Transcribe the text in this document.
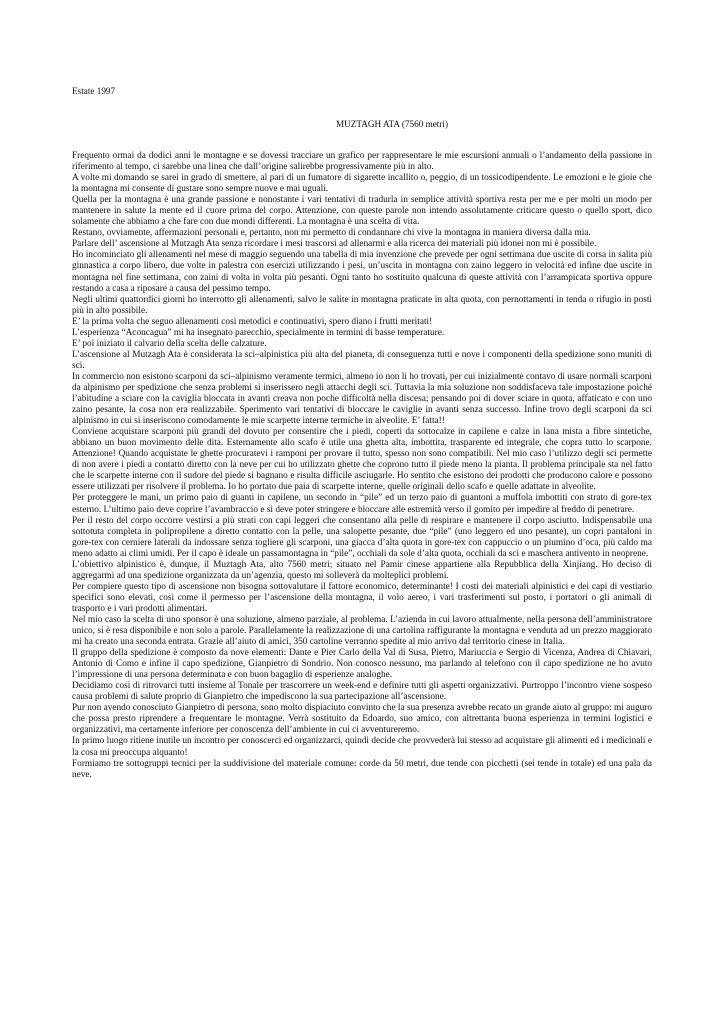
Estate 1997
MUZTAGH ATA (7560 metri)

Frequento ormai da dodici anni le montagne e se dovessi tracciare un grafico per rappresentare le mie escursioni annuali o l’andamento della passione in riferimento al tempo, ci sarebbe una linea che dall’origine salirebbe progressivamente più in alto.

A volte mi domando se sarei in grado di smettere, al pari di un fumatore di sigarette incallito o, peggio, di un tossicodipendente. Le emozioni e le gioie che la montagna mi consente di gustare sono sempre nuove e mai uguali.

Quella per la montagna è una grande passione e nonostante i vari tentativi di tradurla in semplice attività sportiva resta per me e per molti un modo per mantenere in salute la mente ed il cuore prima del corpo. Attenzione, con queste parole non intendo assolutamente criticare questo o quello sport, dico solamente che abbiamo a che fare con due mondi differenti. La montagna è una scelta di vita.

Restano, ovviamente, affermazioni personali e, pertanto, non mi permetto di condannare chi vive la montagna in maniera diversa dalla mia.

Parlare dell’ ascensione al Mutzagh Ata senza ricordare i mesi trascorsi ad allenarmi e alla ricerca dei materiali più idonei non mi è possibile.

Ho incominciato gli allenamenti nel mese di maggio seguendo una tabella di mia invenzione che prevede per ogni settimana due uscite di corsa in salita più ginnastica a corpo libero, due volte in palestra con esercizi utilizzando i pesi, un’uscita in montagna con zaino leggero in velocità ed infine due uscite in montagna nel fine settimana, con zaini di volta in volta più pesanti. Ogni tanto ho sostituito qualcuna di queste attività con l’arrampicata sportiva oppure restando a casa a riposare a causa del pessimo tempo.

Negli ultimi quattordici giorni ho interrotto gli allenamenti, salvo le salite in montagna praticate in alta quota, con pernottamenti in tenda o rifugio in posti più in alto possibile.

E’ la prima volta che seguo allenamenti così metodici e continuativi, spero diano i frutti meritati!

L’esperienza “Aconcagua” mi ha insegnato parecchio, specialmente in termini di basse temperature.

E’ poi iniziato il calvario della scelta delle calzature.

L’ascensione al Mutzagh Ata è considerata la sci–alpinistica più alta del pianeta, di conseguenza tutti e nove i componenti della spedizione sono muniti di sci.

In commercio non esistono scarponi da sci–alpinismo veramente termici, almeno io non li ho trovati, per cui inizialmente contavo di usare normali scarponi da alpinismo per spedizione che senza problemi si inserissero negli attacchi degli sci. Tuttavia la mia soluzione non soddisfaceva tale impostazione poiché l’abitudine a sciare con la caviglia bloccata in avanti creava non poche difficoltà nella discesa; pensando poi di dover sciare in quota, affaticato e con uno zaino pesante, la cosa non era realizzabile. Sperimento vari tentativi di bloccare le caviglie in avanti senza successo. Infine trovo degli scarponi da sci alpinismo in cui si inseriscono comodamente le mie scarpette interne termiche in alveolite. E’ fatta!!

Conviene acquistare scarponi più grandi del dovuto per consentire che i piedi, coperti da sottocalze in capilene e calze in lana mista a fibre sintetiche, abbiano un buon movimento delle dita. Esternamente allo scafo è utile una ghetta alta, imbottita, trasparente ed integrale, che copra tutto lo scarpone. Attenzione! Quando acquistate le ghette procuratevi i ramponi per provare il tutto, spesso non sono compatibili. Nel mio caso l’utilizzo degli sci permette di non avere i piedi a contatto diretto con la neve per cui ho utilizzato ghette che coprono tutto il piede meno la pianta. Il problema principale sta nel fatto che le scarpette interne con il sudore del piede si bagnano e risulta difficile asciugarle. Ho sentito che esistono dei prodotti che producono calore e possono essere utilizzati per risolvere il problema. Io ho portato due paia di scarpette interne, quelle originali dello scafo e quelle adattate in alveolite.

Per proteggere le mani, un primo paio di guanti in capilene, un secondo in “pile” ed un terzo paio di guantoni a muffola imbottiti con strato di gore-tex esterno. L’ultimo paio deve coprire l’avambraccio e si deve poter stringere e bloccare alle estremità verso il gomito per impedire al freddo di penetrare.

Per il resto del corpo occorre vestirsi a più strati con capi leggeri che consentano alla pelle di respirare e mantenere il corpo asciutto. Indispensabile una sottotuta completa in polipropilene a diretto contatto con la pelle, una salopette pesante, due “pile” (uno leggero ed uno pesante), un copri pantaloni in gore-tex con cerniere laterali da indossare senza togliere gli scarponi, una giacca d’alta quota in gore-tex con cappuccio o un piumino d’oca, più caldo ma meno adatto ai climi umidi. Per il capo è ideale un passamontagna in “pile”, occhiali da sole d’alta quota, occhiali da sci e maschera antivento in neoprene.

L’obiettivo alpinistico è, dunque, il Muztagh Ata, alto 7560 metri; situato nel Pamir cinese appartiene alla Repubblica della Xinjiang. Ho deciso di aggregarmi ad una spedizione organizzata da un’agenzia, questo mi solleverà da molteplici problemi.

Per compiere questo tipo di ascensione non bisogna sottovalutare il fattore economico, determinante! I costi dei materiali alpinistici e dei capi di vestiario specifici sono elevati, così come il permesso per l’ascensione della montagna, il volo aereo, i vari trasferimenti sul posto, i portatori o gli animali di trasporto e i vari prodotti alimentari.

Nel mio caso la scelta di uno sponsor è una soluzione, almeno parziale, al problema. L’azienda in cui lavoro attualmente, nella persona dell’amministratore unico, si è resa disponibile e non solo a parole. Parallelamente la realizzazione di una cartolina raffigurante la montagna e venduta ad un prezzo maggiorato mi ha creato una seconda entrata. Grazie all’aiuto di amici, 350 cartoline verranno spedite al mio arrivo dal territorio cinese in Italia.

Il gruppo della spedizione è composto da nove elementi: Dante e Pier Carlo della Val di Susa, Pietro, Mariuccia e Sergio di Vicenza, Andrea di Chiavari, Antonio di Como e infine il capo spedizione, Gianpietro di Sondrio. Non conosco nessuno, ma parlando al telefono con il capo spedizione ne ho avuto l’impressione di una persona determinata e con buon bagaglio di esperienze analoghe.

Decidiamo così di ritrovarci tutti insieme al Tonale per trascorrere un week-end e definire tutti gli aspetti organizzativi. Purtroppo l’incontro viene sospeso causa problemi di salute proprio di Gianpietro che impediscono la sua partecipazione all’ascensione.

Pur non avendo conosciuto Gianpietro di persona, sono molto dispiaciuto convinto che la sua presenza avrebbe recato un grande aiuto al gruppo: mi auguro che possa presto riprendere a frequentare le montagne. Verrà sostituito da Edoardo, suo amico, con altrettanta buona esperienza in termini logistici e organizzativi, ma certamente inferiore per conoscenza dell’ambiente in cui ci avventureremo.

In primo luogo ritiene inutile un incontro per conoscerci ed organizzarci, quindi decide che provvederà lui stesso ad acquistare gli alimenti ed i medicinali e la cosa mi preoccupa alquanto!

Formiamo tre sottogruppi tecnici per la suddivisione del materiale comune: corde da 50 metri, due tende con picchetti (sei tende in totale) ed una pala da neve.
